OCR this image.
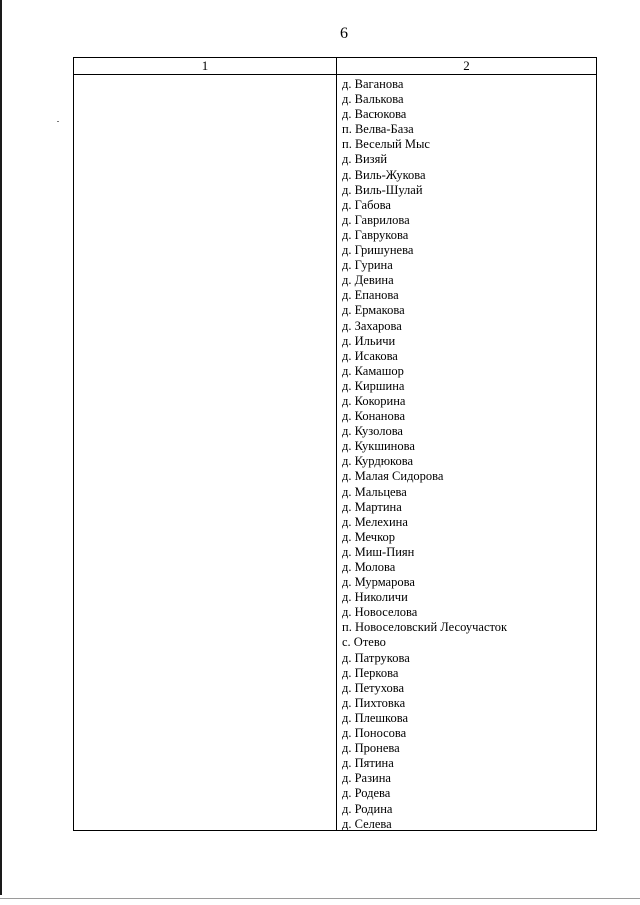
6
1	2
д. Ваганова
д. Валькова
д. Васюкова
п. Велва-База
п. Веселый Мыс
д. Визяй
д. Виль-Жукова
д. Виль-Шулай
д. Габова
д. Гаврилова
д. Гаврукова
д. Гришунева
д. Гурина
д. Девина
д. Епанова
д. Ермакова
д. Захарова
д. Ильичи
д. Исакова
д. Камашор
д. Киршина
д. Кокорина
д. Конанова
д. Кузолова
д. Кукшинова
д. Курдюкова
д. Малая Сидорова
д. Мальцева
д. Мартина
д. Мелехина
д. Мечкор
д. Миш-Пиян
д. Молова
д. Мурмарова
д. Николичи
д. Новоселова
п. Новоселовский Лесоучасток
с. Отево
д. Патрукова
д. Перкова
д. Петухова
д. Пихтовка
д. Плешкова
д. Поносова
д. Пронева
д. Пятина
д. Разина
д. Родева
д. Родина
д. Селева
